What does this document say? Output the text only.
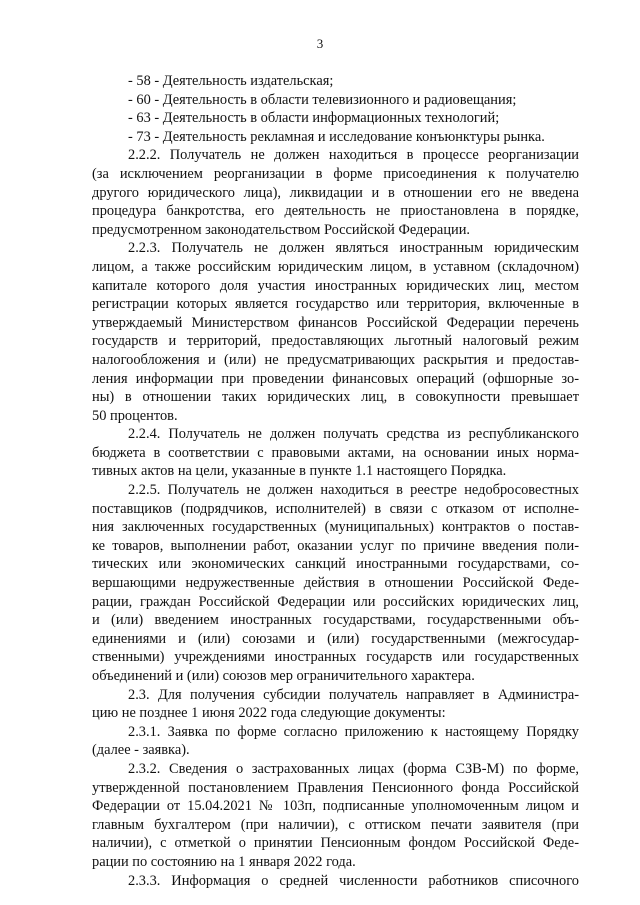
3
- 58 - Деятельность издательская;
- 60 - Деятельность в области телевизионного и радиовещания;
- 63 - Деятельность в области информационных технологий;
- 73 - Деятельность рекламная и исследование конъюнктуры рынка.
2.2.2. Получатель не должен находиться в процессе реорганизации
(за исключением реорганизации в форме присоединения к получателю
другого юридического лица), ликвидации и в отношении его не введена
процедура банкротства, его деятельность не приостановлена в порядке,
предусмотренном законодательством Российской Федерации.
2.2.3. Получатель не должен являться иностранным юридическим
лицом, а также российским юридическим лицом, в уставном (складочном)
капитале которого доля участия иностранных юридических лиц, местом
регистрации которых является государство или территория, включенные в
утверждаемый Министерством финансов Российской Федерации перечень
государств и территорий, предоставляющих льготный налоговый режим
налогообложения и (или) не предусматривающих раскрытия и предостав-
ления информации при проведении финансовых операций (офшорные зо-
ны) в отношении таких юридических лиц, в совокупности превышает
50 процентов.
2.2.4. Получатель не должен получать средства из республиканского
бюджета в соответствии с правовыми актами, на основании иных норма-
тивных актов на цели, указанные в пункте 1.1 настоящего Порядка.
2.2.5. Получатель не должен находиться в реестре недобросовестных
поставщиков (подрядчиков, исполнителей) в связи с отказом от исполне-
ния заключенных государственных (муниципальных) контрактов о постав-
ке товаров, выполнении работ, оказании услуг по причине введения поли-
тических или экономических санкций иностранными государствами, со-
вершающими недружественные действия в отношении Российской Феде-
рации, граждан Российской Федерации или российских юридических лиц,
и (или) введением иностранных государствами, государственными объ-
единениями и (или) союзами и (или) государственными (межгосудар-
ственными) учреждениями иностранных государств или государственных
объединений и (или) союзов мер ограничительного характера.
2.3. Для получения субсидии получатель направляет в Администра-
цию не позднее 1 июня 2022 года следующие документы:
2.3.1. Заявка по форме согласно приложению к настоящему Порядку
(далее - заявка).
2.3.2. Сведения о застрахованных лицах (форма СЗВ-М) по форме,
утвержденной постановлением Правления Пенсионного фонда Российской
Федерации от 15.04.2021 № 103п, подписанные уполномоченным лицом и
главным бухгалтером (при наличии), с оттиском печати заявителя (при
наличии), с отметкой о принятии Пенсионным фондом Российской Феде-
рации по состоянию на 1 января 2022 года.
2.3.3. Информация о средней численности работников списочного
